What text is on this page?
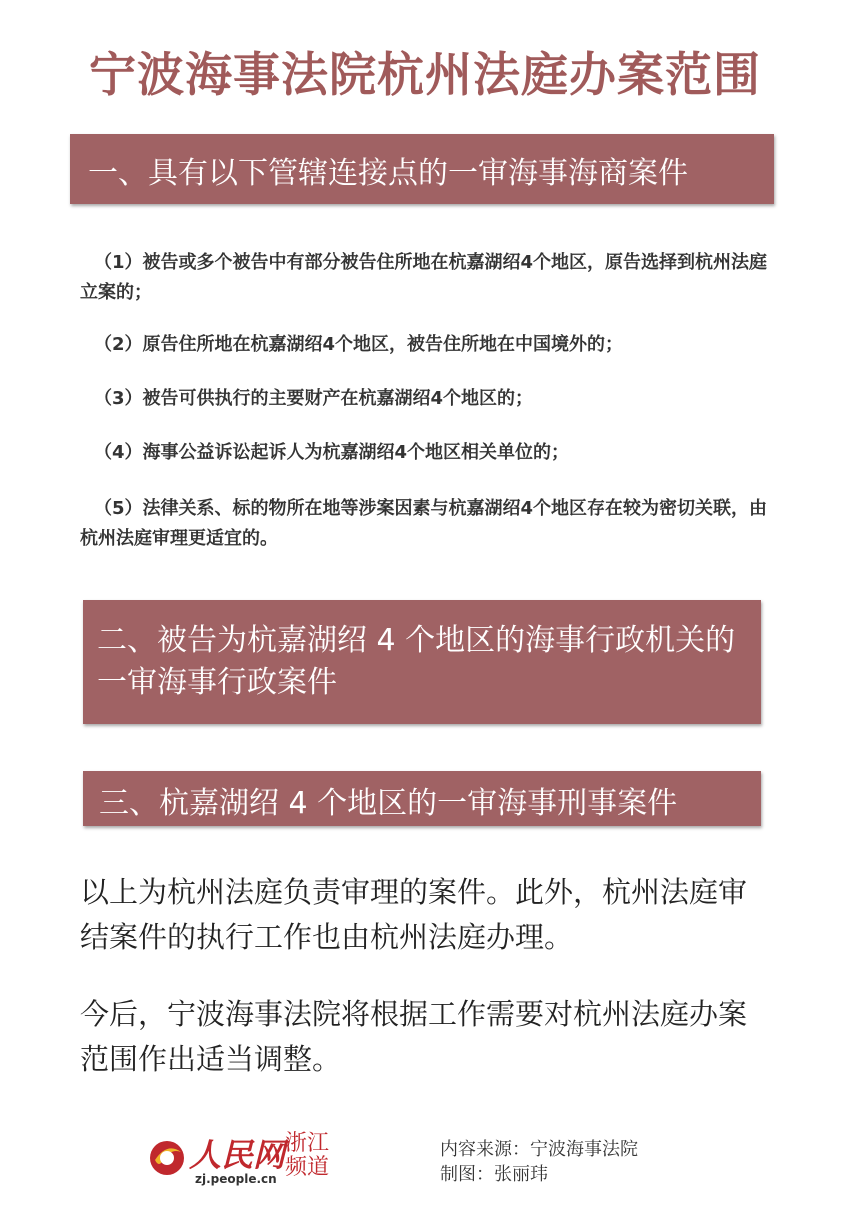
宁波海事法院杭州法庭办案范围
一、具有以下管辖连接点的一审海事海商案件

（1）被告或多个被告中有部分被告住所地在杭嘉湖绍4个地区，原告选择到杭州法庭立案的；

（2）原告住所地在杭嘉湖绍4个地区，被告住所地在中国境外的；

（3）被告可供执行的主要财产在杭嘉湖绍4个地区的；

（4）海事公益诉讼起诉人为杭嘉湖绍4个地区相关单位的；

（5）法律关系、标的物所在地等涉案因素与杭嘉湖绍4个地区存在较为密切关联，由杭州法庭审理更适宜的。

二、被告为杭嘉湖绍 4 个地区的海事行政机关的一审海事行政案件
三、杭嘉湖绍 4 个地区的一审海事刑事案件
以上为杭州法庭负责审理的案件。此外，杭州法庭审结案件的执行工作也由杭州法庭办理。
今后，宁波海事法院将根据工作需要对杭州法庭办案范围作出适当调整。
人民网
zj.people.cn
浙江频道
内容来源：宁波海事法院
制图：张丽玮
